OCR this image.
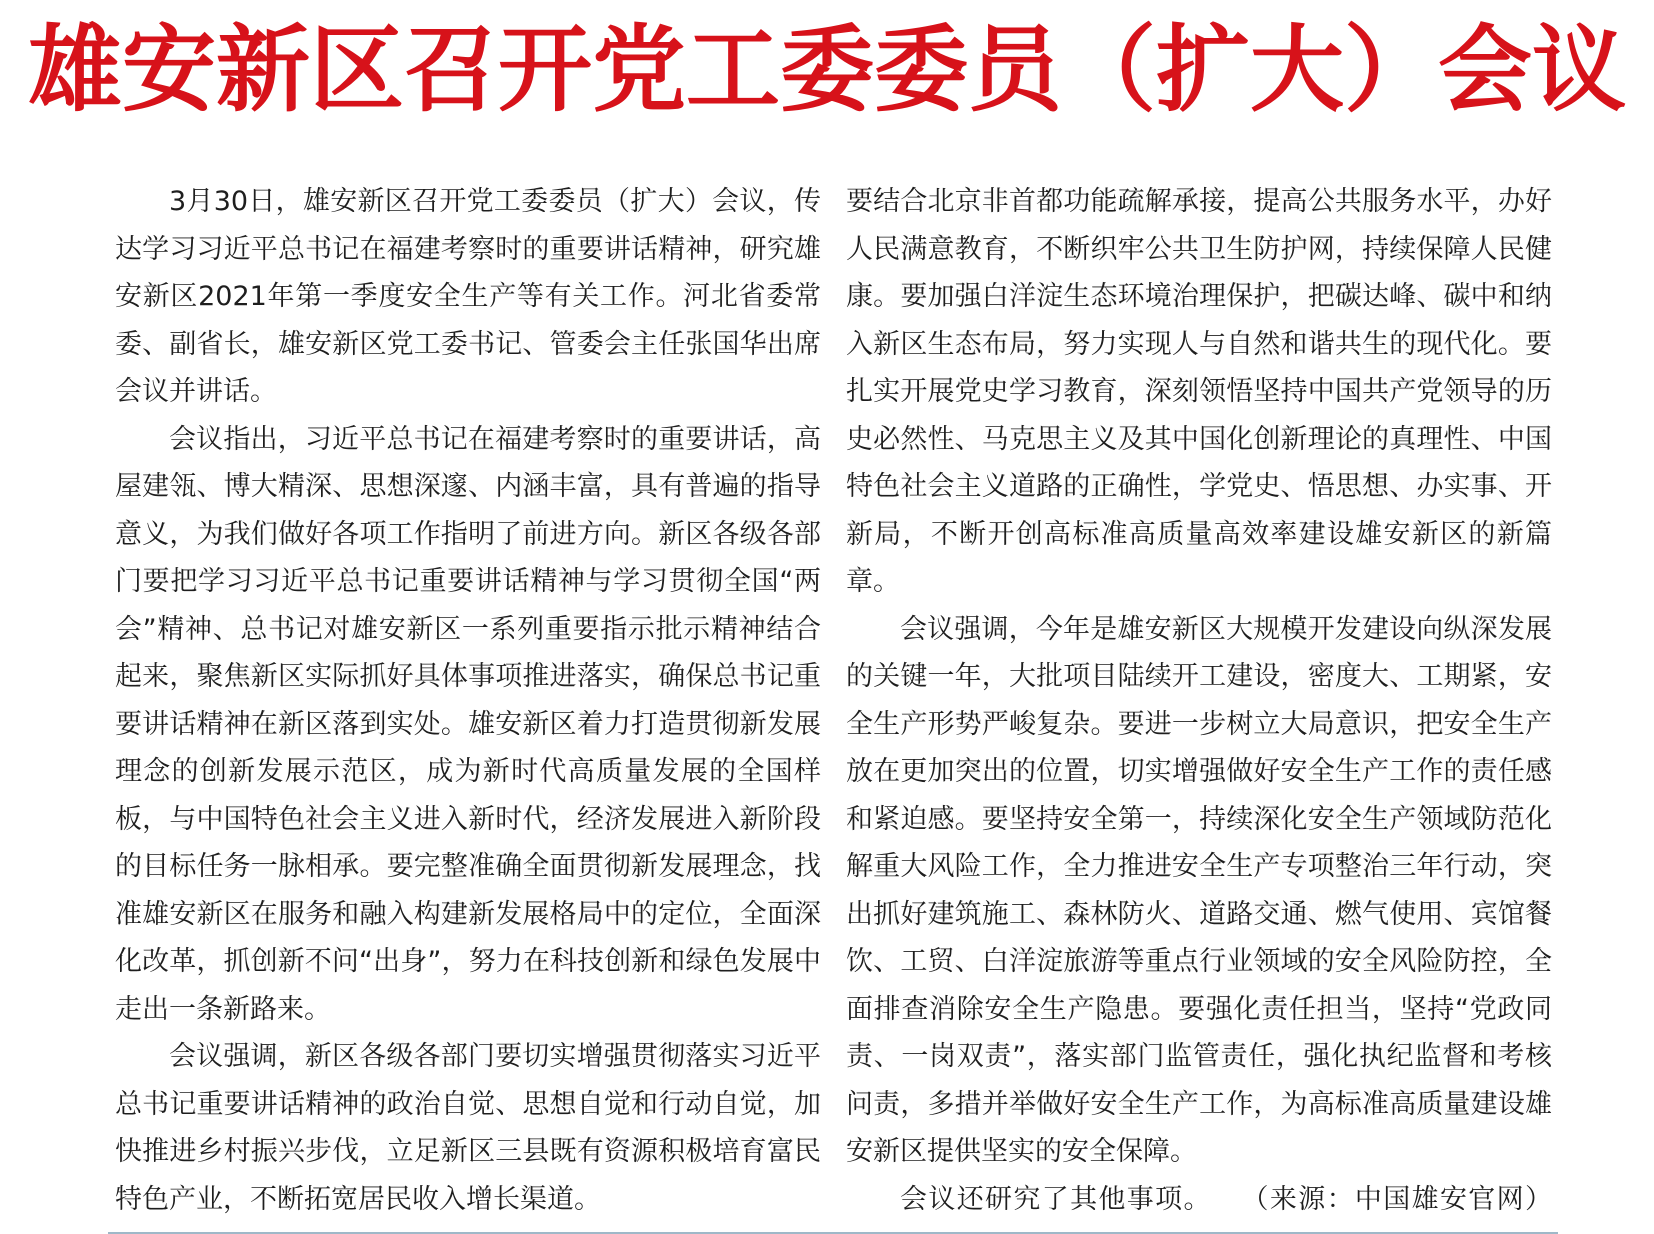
雄安新区召开党工委委员（扩大）会议

3月30日，雄安新区召开党工委委员（扩大）会议，传达学习习近平总书记在福建考察时的重要讲话精神，研究雄安新区2021年第一季度安全生产等有关工作。河北省委常委、副省长，雄安新区党工委书记、管委会主任张国华出席会议并讲话。

会议指出，习近平总书记在福建考察时的重要讲话，高屋建瓴、博大精深、思想深邃、内涵丰富，具有普遍的指导意义，为我们做好各项工作指明了前进方向。新区各级各部门要把学习习近平总书记重要讲话精神与学习贯彻全国“两会”精神、总书记对雄安新区一系列重要指示批示精神结合起来，聚焦新区实际抓好具体事项推进落实，确保总书记重要讲话精神在新区落到实处。雄安新区着力打造贯彻新发展理念的创新发展示范区，成为新时代高质量发展的全国样板，与中国特色社会主义进入新时代，经济发展进入新阶段的目标任务一脉相承。要完整准确全面贯彻新发展理念，找准雄安新区在服务和融入构建新发展格局中的定位，全面深化改革，抓创新不问“出身”，努力在科技创新和绿色发展中走出一条新路来。

会议强调，新区各级各部门要切实增强贯彻落实习近平总书记重要讲话精神的政治自觉、思想自觉和行动自觉，加快推进乡村振兴步伐，立足新区三县既有资源积极培育富民特色产业，不断拓宽居民收入增长渠道。

要结合北京非首都功能疏解承接，提高公共服务水平，办好人民满意教育，不断织牢公共卫生防护网，持续保障人民健康。要加强白洋淀生态环境治理保护，把碳达峰、碳中和纳入新区生态布局，努力实现人与自然和谐共生的现代化。要扎实开展党史学习教育，深刻领悟坚持中国共产党领导的历史必然性、马克思主义及其中国化创新理论的真理性、中国特色社会主义道路的正确性，学党史、悟思想、办实事、开新局，不断开创高标准高质量高效率建设雄安新区的新篇章。

会议强调，今年是雄安新区大规模开发建设向纵深发展的关键一年，大批项目陆续开工建设，密度大、工期紧，安全生产形势严峻复杂。要进一步树立大局意识，把安全生产放在更加突出的位置，切实增强做好安全生产工作的责任感和紧迫感。要坚持安全第一，持续深化安全生产领域防范化解重大风险工作，全力推进安全生产专项整治三年行动，突出抓好建筑施工、森林防火、道路交通、燃气使用、宾馆餐饮、工贸、白洋淀旅游等重点行业领域的安全风险防控，全面排查消除安全生产隐患。要强化责任担当，坚持“党政同责、一岗双责”，落实部门监管责任，强化执纪监督和考核问责，多措并举做好安全生产工作，为高标准高质量建设雄安新区提供坚实的安全保障。

会议还研究了其他事项。　　（来源：中国雄安官网）
